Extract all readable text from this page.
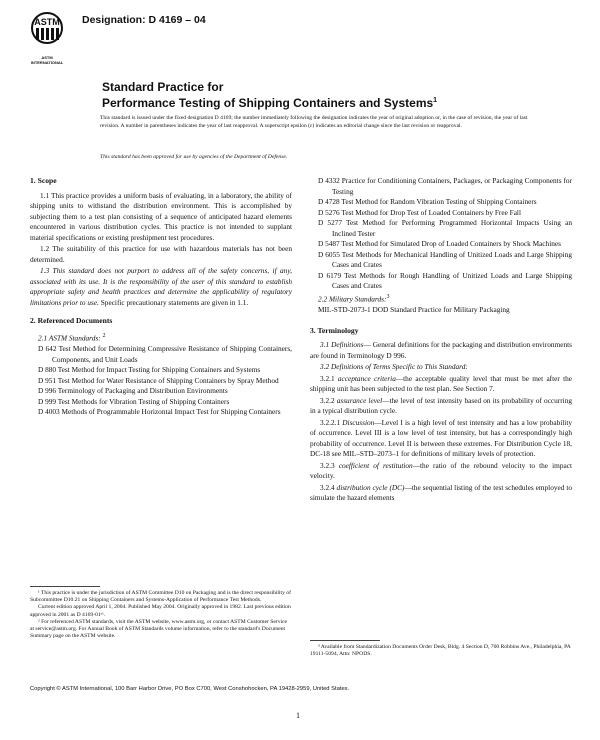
ASTM
ASTM INTERNATIONAL
Designation: D 4169 – 04
Standard Practice for
Performance Testing of Shipping Containers and Systems$^1$
This standard is issued under the fixed designation D 4169; the number immediately following the designation indicates the year of original adoption or, in the case of revision, the year of last revision. A number in parentheses indicates the year of last reapproval. A superscript epsilon (ε) indicates an editorial change since the last revision or reapproval.
This standard has been approved for use by agencies of the Department of Defense.
1. Scope

1.1 This practice provides a uniform basis of evaluating, in a laboratory, the ability of shipping units to withstand the distribution environment. This is accomplished by subjecting them to a test plan consisting of a sequence of anticipated hazard elements encountered in various distribution cycles. This practice is not intended to supplant material specifications or existing preshipment test procedures.

1.2 The suitability of this practice for use with hazardous materials has not been determined.

1.3 This standard does not purport to address all of the safety concerns, if any, associated with its use. It is the responsibility of the user of this standard to establish appropriate safety and health practices and determine the applicability of regulatory limitations prior to use. Specific precautionary statements are given in 1.1.

2. Referenced Documents
2.1 ASTM Standards: $^2$
D 642 Test Method for Determining Compressive Resistance of Shipping Containers, Components, and Unit Loads
D 880 Test Method for Impact Testing for Shipping Containers and Systems
D 951 Test Method for Water Resistance of Shipping Containers by Spray Method
D 996 Terminology of Packaging and Distribution Environments
D 999 Test Methods for Vibration Testing of Shipping Containers
D 4003 Methods of Programmable Horizontal Impact Test for Shipping Containers
D 4332 Practice for Conditioning Containers, Packages, or Packaging Components for Testing
D 4728 Test Method for Random Vibration Testing of Shipping Containers
D 5276 Test Method for Drop Test of Loaded Containers by Free Fall
D 5277 Test Method for Performing Programmed Horizontal Impacts Using an Inclined Tester
D 5487 Test Method for Simulated Drop of Loaded Containers by Shock Machines
D 6055 Test Methods for Mechanical Handling of Unitized Loads and Large Shipping Cases and Crates
D 6179 Test Methods for Rough Handling of Unitized Loads and Large Shipping Cases and Crates
2.2 Military Standards:$^3$
MIL-STD-2073-1 DOD Standard Practice for Military Packaging
3. Terminology

3.1 Definitions— General definitions for the packaging and distribution environments are found in Terminology D 996.

3.2 Definitions of Terms Specific to This Standard:

3.2.1 acceptance criteria—the acceptable quality level that must be met after the shipping unit has been subjected to the test plan. See Section 7.

3.2.2 assurance level—the level of test intensity based on its probability of occurring in a typical distribution cycle.

3.2.2.1 Discussion—Level I is a high level of test intensity and has a low probability of occurrence. Level III is a low level of test intensity, but has a correspondingly high probability of occurrence. Level II is between these extremes. For Distribution Cycle 18, DC-18 see MIL–STD–2073–1 for definitions of military levels of protection.

3.2.3 coefficient of restitution—the ratio of the rebound velocity to the impact velocity.

3.2.4 distribution cycle (DC)—the sequential listing of the test schedules employed to simulate the hazard elements

¹ This practice is under the jurisdiction of ASTM Committee D10 on Packaging and is the direct responsibility of Subcommittee D10.21 on Shipping Containers and Systems-Application of Performance Test Methods.

Current edition approved April 1, 2004. Published May 2004. Originally approved in 1982. Last previous edition approved in 2001 as D 4169-01ᵉ¹.

² For referenced ASTM standards, visit the ASTM website, www.astm.org, or contact ASTM Customer Service at service@astm.org. For Annual Book of ASTM Standards volume information, refer to the standard's Document Summary page on the ASTM website.

³ Available from Standardization Documents Order Desk, Bldg. 4 Section D, 700 Robbins Ave., Philadelphia, PA 19111-5094, Attn: NPODS.

Copyright © ASTM International, 100 Barr Harbor Drive, PO Box C700, West Conshohocken, PA 19428-2959, United States.
1
